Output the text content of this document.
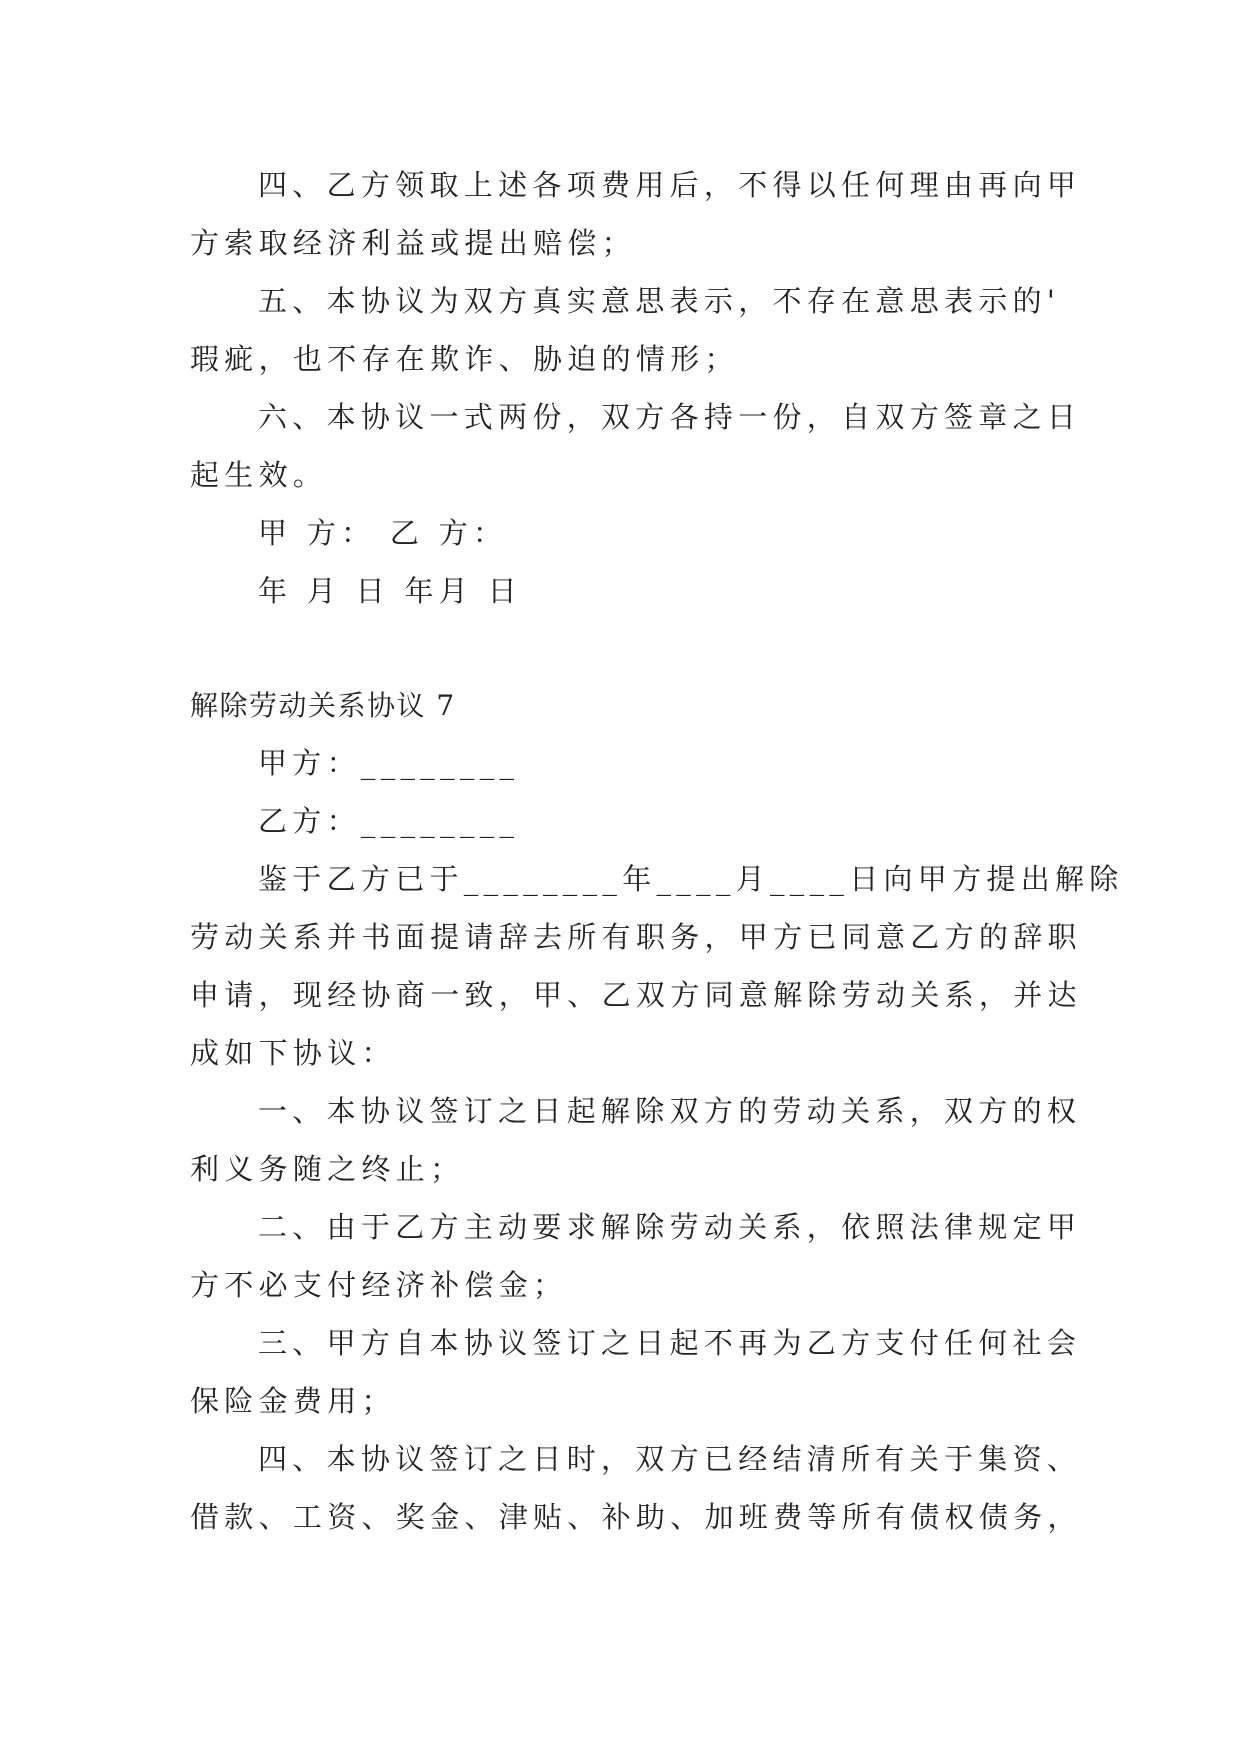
四、乙方领取上述各项费用后，不得以任何理由再向甲
方索取经济利益或提出赔偿；
五、本协议为双方真实意思表示，不存在意思表示的'
瑕疵，也不存在欺诈、胁迫的情形；
六、本协议一式两份，双方各持一份，自双方签章之日
起生效。
甲 方： 乙 方：
年 月 日 年月 日
解除劳动关系协议 7
甲方：________
乙方：________
鉴于乙方已于________年____月____日向甲方提出解除
劳动关系并书面提请辞去所有职务，甲方已同意乙方的辞职
申请，现经协商一致，甲、乙双方同意解除劳动关系，并达
成如下协议：
一、本协议签订之日起解除双方的劳动关系，双方的权
利义务随之终止；
二、由于乙方主动要求解除劳动关系，依照法律规定甲
方不必支付经济补偿金；
三、甲方自本协议签订之日起不再为乙方支付任何社会
保险金费用；
四、本协议签订之日时，双方已经结清所有关于集资、
借款、工资、奖金、津贴、补助、加班费等所有债权债务，
